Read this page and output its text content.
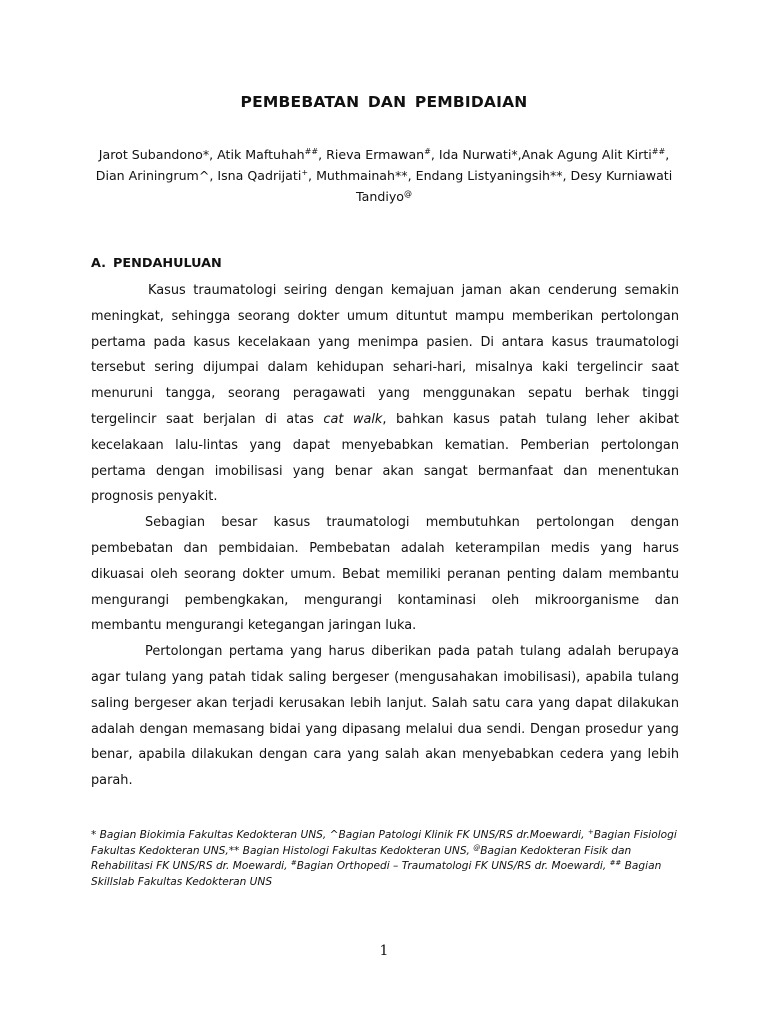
PEMBEBATAN DAN PEMBIDAIAN
Jarot Subandono*, Atik Maftuhah##, Rieva Ermawan#, Ida Nurwati*,Anak Agung Alit Kirti##,
Dian Ariningrum^, Isna Qadrijati+, Muthmainah**, Endang Listyaningsih**, Desy Kurniawati Tandiyo@
A. PENDAHULUAN

Kasus traumatologi seiring dengan kemajuan jaman akan cenderung semakin meningkat, sehingga seorang dokter umum dituntut mampu memberikan pertolongan pertama pada kasus kecelakaan yang menimpa pasien. Di antara kasus traumatologi tersebut sering dijumpai dalam kehidupan sehari-hari, misalnya kaki tergelincir saat menuruni tangga, seorang peragawati yang menggunakan sepatu berhak tinggi tergelincir saat berjalan di atas cat walk, bahkan kasus patah tulang leher akibat kecelakaan lalu-lintas yang dapat menyebabkan kematian. Pemberian pertolongan pertama dengan imobilisasi yang benar akan sangat bermanfaat dan menentukan prognosis penyakit.

Sebagian besar kasus traumatologi membutuhkan pertolongan dengan pembebatan dan pembidaian. Pembebatan adalah keterampilan medis yang harus dikuasai oleh seorang dokter umum. Bebat memiliki peranan penting dalam membantu mengurangi pembengkakan, mengurangi kontaminasi oleh mikroorganisme dan membantu mengurangi ketegangan jaringan luka.

Pertolongan pertama yang harus diberikan pada patah tulang adalah berupaya agar tulang yang patah tidak saling bergeser (mengusahakan imobilisasi), apabila tulang saling bergeser akan terjadi kerusakan lebih lanjut. Salah satu cara yang dapat dilakukan adalah dengan memasang bidai yang dipasang melalui dua sendi. Dengan prosedur yang benar, apabila dilakukan dengan cara yang salah akan menyebabkan cedera yang lebih parah.

* Bagian Biokimia Fakultas Kedokteran UNS, ^Bagian Patologi Klinik FK UNS/RS dr.Moewardi, +Bagian Fisiologi Fakultas Kedokteran UNS,** Bagian Histologi Fakultas Kedokteran UNS, @Bagian Kedokteran Fisik dan Rehabilitasi FK UNS/RS dr. Moewardi, #Bagian Orthopedi – Traumatologi FK UNS/RS dr. Moewardi, ## Bagian Skillslab Fakultas Kedokteran UNS
1
